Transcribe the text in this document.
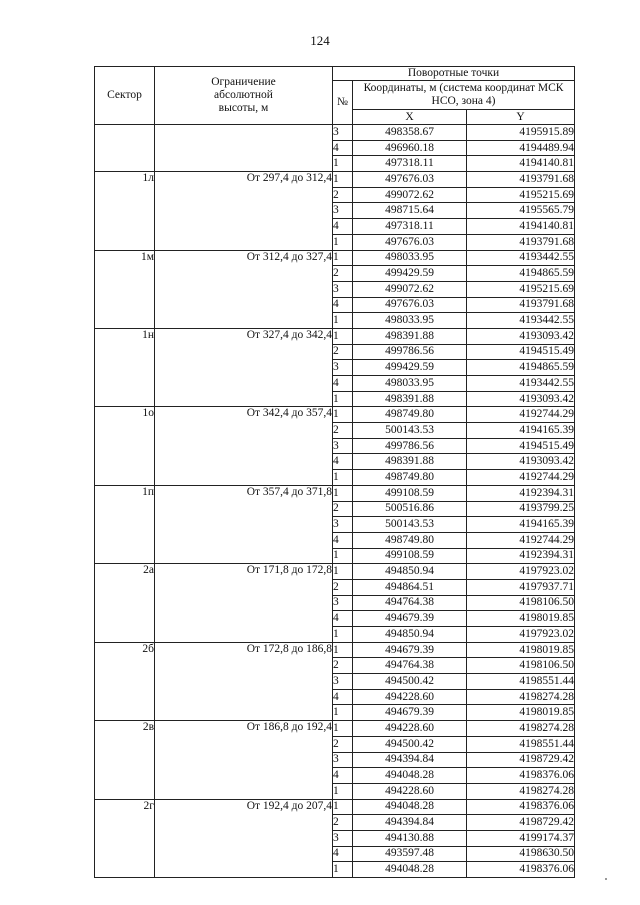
124
Сектор	Ограничение абсолютной высоты, м	Поворотные точки		
		№	Координаты, м (система координат МСК НСО, зона 4)	
			X	Y
		3	498358.67	4195915.89
		4	496960.18	4194489.94
		1	497318.11	4194140.81
1л	От 297,4 до 312,4	1	497676.03	4193791.68
		2	499072.62	4195215.69
		3	498715.64	4195565.79
		4	497318.11	4194140.81
		1	497676.03	4193791.68
1м	От 312,4 до 327,4	1	498033.95	4193442.55
		2	499429.59	4194865.59
		3	499072.62	4195215.69
		4	497676.03	4193791.68
		1	498033.95	4193442.55
1н	От 327,4 до 342,4	1	498391.88	4193093.42
		2	499786.56	4194515.49
		3	499429.59	4194865.59
		4	498033.95	4193442.55
		1	498391.88	4193093.42
1о	От 342,4 до 357,4	1	498749.80	4192744.29
		2	500143.53	4194165.39
		3	499786.56	4194515.49
		4	498391.88	4193093.42
		1	498749.80	4192744.29
1п	От 357,4 до 371,8	1	499108.59	4192394.31
		2	500516.86	4193799.25
		3	500143.53	4194165.39
		4	498749.80	4192744.29
		1	499108.59	4192394.31
2а	От 171,8 до 172,8	1	494850.94	4197923.02
		2	494864.51	4197937.71
		3	494764.38	4198106.50
		4	494679.39	4198019.85
		1	494850.94	4197923.02
2б	От 172,8 до 186,8	1	494679.39	4198019.85
		2	494764.38	4198106.50
		3	494500.42	4198551.44
		4	494228.60	4198274.28
		1	494679.39	4198019.85
2в	От 186,8 до 192,4	1	494228.60	4198274.28
		2	494500.42	4198551.44
		3	494394.84	4198729.42
		4	494048.28	4198376.06
		1	494228.60	4198274.28
2г	От 192,4 до 207,4	1	494048.28	4198376.06
		2	494394.84	4198729.42
		3	494130.88	4199174.37
		4	493597.48	4198630.50
		1	494048.28	4198376.06
